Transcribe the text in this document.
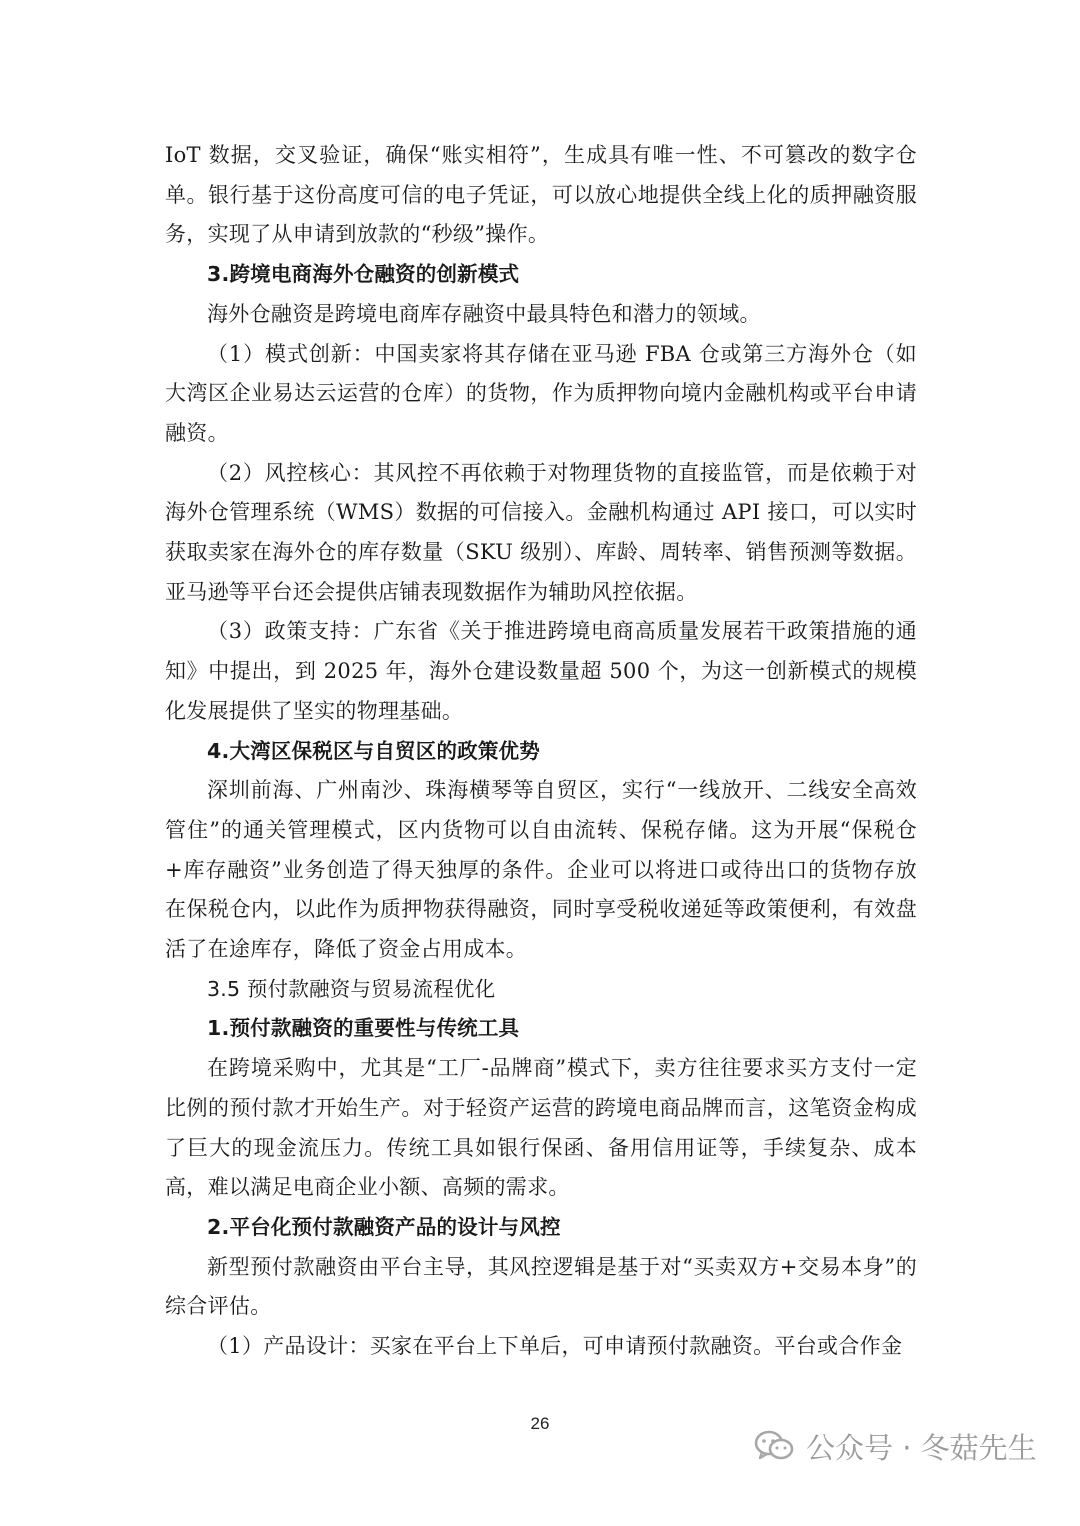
IoT 数据，交叉验证，确保“账实相符”，生成具有唯一性、不可篡改的数字仓单。银行基于这份高度可信的电子凭证，可以放心地提供全线上化的质押融资服务，实现了从申请到放款的“秒级”操作。

3.跨境电商海外仓融资的创新模式

海外仓融资是跨境电商库存融资中最具特色和潜力的领域。

（1）模式创新：中国卖家将其存储在亚马逊 FBA 仓或第三方海外仓（如大湾区企业易达云运营的仓库）的货物，作为质押物向境内金融机构或平台申请融资。

（2）风控核心：其风控不再依赖于对物理货物的直接监管，而是依赖于对海外仓管理系统（WMS）数据的可信接入。金融机构通过 API 接口，可以实时获取卖家在海外仓的库存数量（SKU 级别）、库龄、周转率、销售预测等数据。亚马逊等平台还会提供店铺表现数据作为辅助风控依据。

（3）政策支持：广东省《关于推进跨境电商高质量发展若干政策措施的通知》中提出，到 2025 年，海外仓建设数量超 500 个，为这一创新模式的规模化发展提供了坚实的物理基础。

4.大湾区保税区与自贸区的政策优势

深圳前海、广州南沙、珠海横琴等自贸区，实行“一线放开、二线安全高效管住”的通关管理模式，区内货物可以自由流转、保税存储。这为开展“保税仓+库存融资”业务创造了得天独厚的条件。企业可以将进口或待出口的货物存放在保税仓内，以此作为质押物获得融资，同时享受税收递延等政策便利，有效盘活了在途库存，降低了资金占用成本。

3.5 预付款融资与贸易流程优化

1.预付款融资的重要性与传统工具

在跨境采购中，尤其是“工厂-品牌商”模式下，卖方往往要求买方支付一定比例的预付款才开始生产。对于轻资产运营的跨境电商品牌而言，这笔资金构成了巨大的现金流压力。传统工具如银行保函、备用信用证等，手续复杂、成本高，难以满足电商企业小额、高频的需求。

2.平台化预付款融资产品的设计与风控

新型预付款融资由平台主导，其风控逻辑是基于对“买卖双方+交易本身”的综合评估。

（1）产品设计：买家在平台上下单后，可申请预付款融资。平台或合作金

26
公众号 · 冬菇先生
